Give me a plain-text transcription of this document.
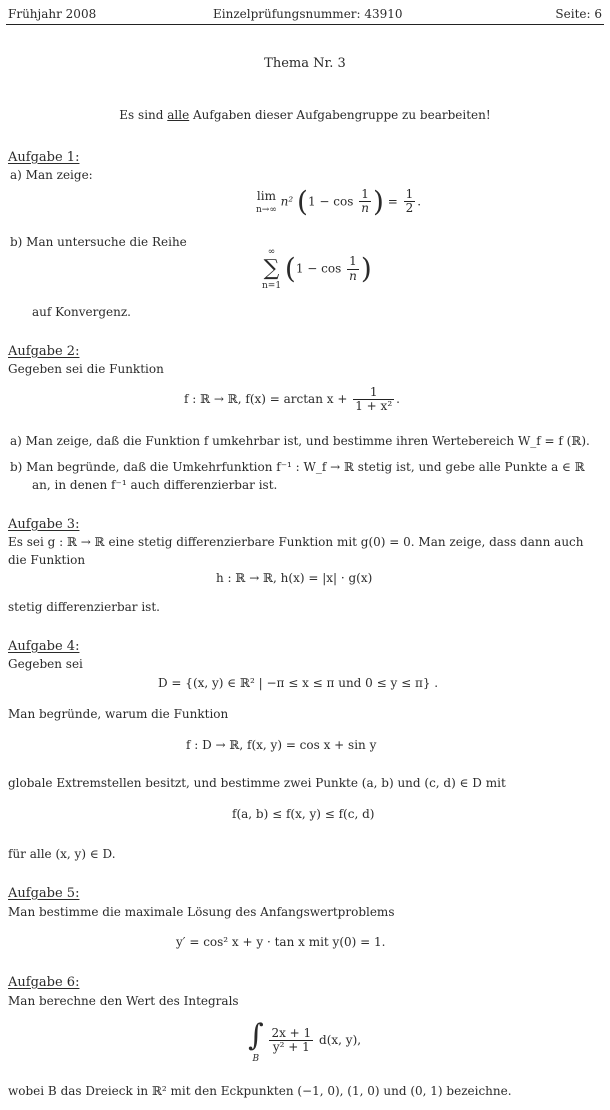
Frühjahr 2008	Einzelprüfungsnummer: 43910	Seite: 6
Thema Nr. 3
Es sind alle Aufgaben dieser Aufgabengruppe zu bearbeiten!
Aufgabe 1:
a) Man zeige:
lim
n→∞
n² ($1 - \cos \frac{1}{n}$ ) = $\frac{1}{2}$ .
b) Man untersuche die Reihe
∞
∑
n=1
($1 - \cos \frac{1}{n}$ )
auf Konvergenz.
Aufgabe 2:
Gegeben sei die Funktion
f : ℝ → ℝ, $f(x) = \arctan x + \frac{1}{\text{1 + x²}}$ .
a) Man zeige, daß die Funktion f umkehrbar ist, und bestimme ihren Wertebereich W_f = f (ℝ).
b) Man begründe, daß die Umkehrfunktion f⁻¹ : W_f → ℝ stetig ist, und gebe alle Punkte a ∈ ℝ
an, in denen f⁻¹ auch differenzierbar ist.
Aufgabe 3:
Es sei g : ℝ → ℝ eine stetig differenzierbare Funktion mit g(0) = 0. Man zeige, dass dann auch
die Funktion
h : ℝ → ℝ, h(x) = |x| · g(x)
stetig differenzierbar ist.
Aufgabe 4:
Gegeben sei
D = {(x, y) ∈ ℝ² | −π ≤ x ≤ π und 0 ≤ y ≤ π} .
Man begründe, warum die Funktion
f : D → ℝ, f(x, y) = cos x + sin y
globale Extremstellen besitzt, und bestimme zwei Punkte (a, b) und (c, d) ∈ D mit
f(a, b) ≤ f(x, y) ≤ f(c, d)
für alle (x, y) ∈ D.
Aufgabe 5:
Man bestimme die maximale Lösung des Anfangswertproblems
y′ = cos² x + y · tan x mit y(0) = 1.
Aufgabe 6:
Man berechne den Wert des Integrals
∫
B

$\frac{2x + 1}{\text{y² + 1}} d(x$, y),
wobei B das Dreieck in ℝ² mit den Eckpunkten (−1, 0), (1, 0) und (0, 1) bezeichne.
